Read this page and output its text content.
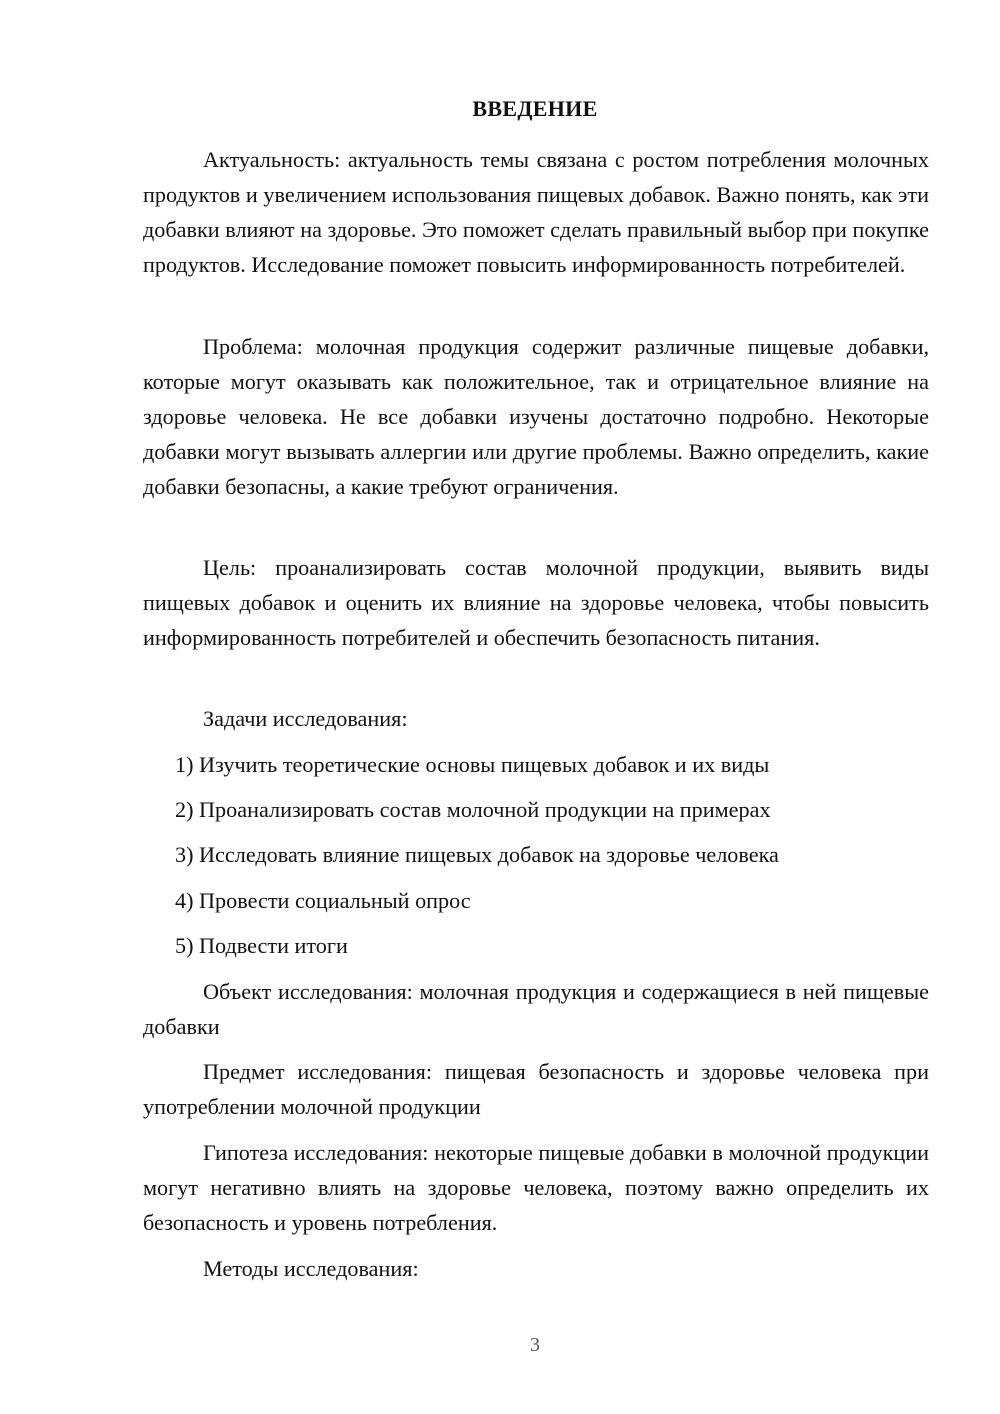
ВВЕДЕНИЕ

Актуальность: актуальность темы связана с ростом потребления молочных продуктов и увеличением использования пищевых добавок. Важно понять, как эти добавки влияют на здоровье. Это поможет сделать правильный выбор при покупке продуктов. Исследование поможет повысить информированность потребителей.

Проблема: молочная продукция содержит различные пищевые добавки, которые могут оказывать как положительное, так и отрицательное влияние на здоровье человека. Не все добавки изучены достаточно подробно. Некоторые добавки могут вызывать аллергии или другие проблемы. Важно определить, какие добавки безопасны, а какие требуют ограничения.

Цель: проанализировать состав молочной продукции, выявить виды пищевых добавок и оценить их влияние на здоровье человека, чтобы повысить информированность потребителей и обеспечить безопасность питания.

Задачи исследования:

1) Изучить теоретические основы пищевых добавок и их виды

2) Проанализировать состав молочной продукции на примерах

3) Исследовать влияние пищевых добавок на здоровье человека

4) Провести социальный опрос

5) Подвести итоги

Объект исследования: молочная продукция и содержащиеся в ней пищевые добавки

Предмет исследования: пищевая безопасность и здоровье человека при употреблении молочной продукции

Гипотеза исследования: некоторые пищевые добавки в молочной продукции могут негативно влиять на здоровье человека, поэтому важно определить их безопасность и уровень потребления.

Методы исследования:

3
